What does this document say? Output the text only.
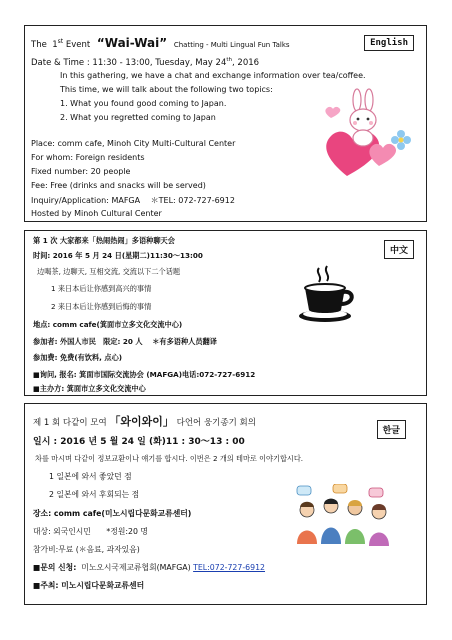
English
The 1st Event “Wai-Wai” Chatting - Multi Lingual Fun Talks
Date & Time : 11:30 - 13:00, Tuesday, May 24th, 2016
In this gathering, we have a chat and exchange information over tea/coffee.
This time, we will talk about the following two topics:
1. What you found good coming to Japan.
2. What you regretted coming to Japan
Place: comm cafe, Minoh City Multi-Cultural Center
For whom: Foreign residents
Fixed number: 20 people
Fee: Free (drinks and snacks will be served)
Inquiry/Application: MAFGA　 ＊TEL: 072-727-6912
Hosted by Minoh Cultural Center
中文
第 1 次 大家都来「热闹热闹」多语种聊天会
时间: 2016 年 5 月 24 日(星期二)11:30～13:00
边喝茶, 边聊天, 互相交流, 交流以下二个话题
1 来日本后让你感到高兴的事情
2 来日本后让你感到后悔的事情
地点: comm cafe(箕面市立多文化交流中心)
参加者: 外国人市民　限定: 20 人　 ＊有多语种人员翻译
参加费: 免费(有饮料, 点心)
■询问, 报名: 箕面市国际交流协会 (MAFGA)电话:072-727-6912
■主办方: 箕面市立多文化交流中心
한글
제 1 회 다같이 모여 「와이와이」 다언어 웅기종기 회의
일시 : 2016 년 5 월 24 일 (화)11 : 30～13 : 00
차를 마시며 다같이 정보교환이나 얘기를 합시다. 이번은 2 개의 테마로 이야기합시다.
1 일본에 와서 좋았던 점
2 일본에 와서 후회되는 점
장소: comm cafe(미노시립다문화교류센터)
대상: 외국인시민　　*정원:20 명
참가비:무료 (＊음료, 과자있음)
■문의 신청: 미노오시국제교류협회(MAFGA) TEL:072-727-6912
■주최: 미노시립다문화교류센터
